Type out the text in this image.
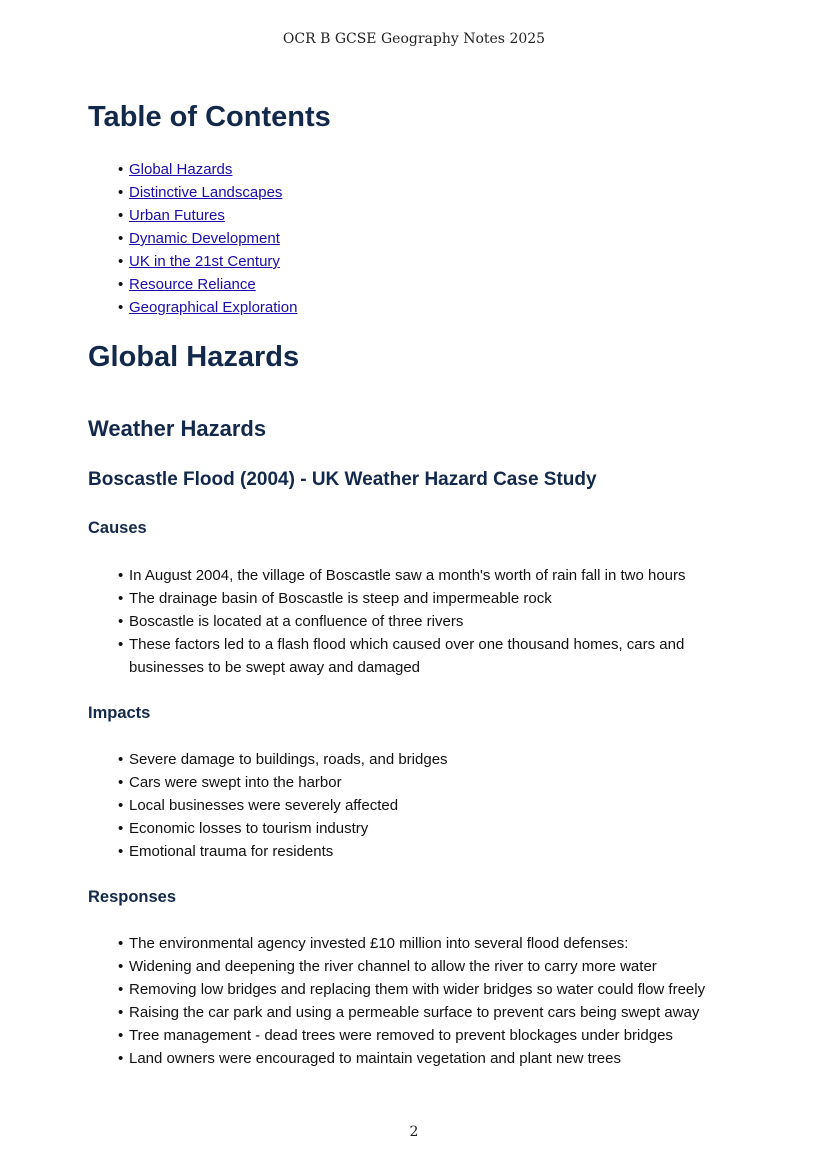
OCR B GCSE Geography Notes 2025
Table of Contents
• Global Hazards
• Distinctive Landscapes
• Urban Futures
• Dynamic Development
• UK in the 21st Century
• Resource Reliance
• Geographical Exploration
Global Hazards
Weather Hazards
Boscastle Flood (2004) - UK Weather Hazard Case Study
Causes
• In August 2004, the village of Boscastle saw a month's worth of rain fall in two hours
• The drainage basin of Boscastle is steep and impermeable rock
• Boscastle is located at a confluence of three rivers
• These factors led to a flash flood which caused over one thousand homes, cars and businesses to be swept away and damaged
Impacts
• Severe damage to buildings, roads, and bridges
• Cars were swept into the harbor
• Local businesses were severely affected
• Economic losses to tourism industry
• Emotional trauma for residents
Responses
• The environmental agency invested £10 million into several flood defenses:
• Widening and deepening the river channel to allow the river to carry more water
• Removing low bridges and replacing them with wider bridges so water could flow freely
• Raising the car park and using a permeable surface to prevent cars being swept away
• Tree management - dead trees were removed to prevent blockages under bridges
• Land owners were encouraged to maintain vegetation and plant new trees
2
